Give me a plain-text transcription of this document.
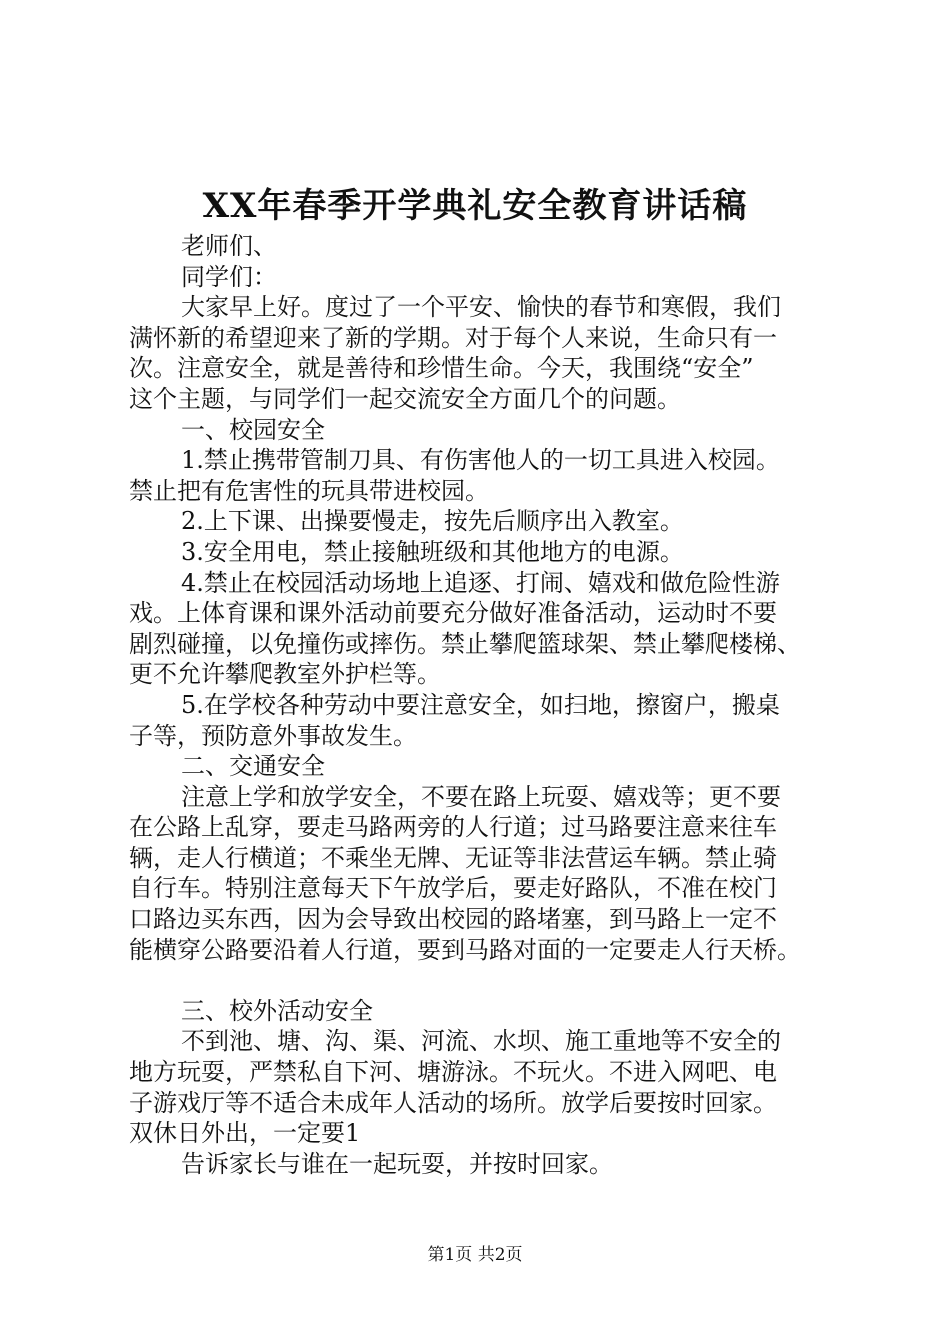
XX年春季开学典礼安全教育讲话稿
老师们、
同学们：
大家早上好。度过了一个平安、愉快的春节和寒假，我们
满怀新的希望迎来了新的学期。对于每个人来说，生命只有一
次。注意安全，就是善待和珍惜生命。今天，我围绕“安全”
这个主题，与同学们一起交流安全方面几个的问题。
一、校园安全
1.禁止携带管制刀具、有伤害他人的一切工具进入校园。
禁止把有危害性的玩具带进校园。
2.上下课、出操要慢走，按先后顺序出入教室。
3.安全用电，禁止接触班级和其他地方的电源。
4.禁止在校园活动场地上追逐、打闹、嬉戏和做危险性游
戏。上体育课和课外活动前要充分做好准备活动，运动时不要
剧烈碰撞，以免撞伤或摔伤。禁止攀爬篮球架、禁止攀爬楼梯、
更不允许攀爬教室外护栏等。
5.在学校各种劳动中要注意安全，如扫地，擦窗户，搬桌
子等，预防意外事故发生。
二、交通安全
注意上学和放学安全，不要在路上玩耍、嬉戏等；更不要
在公路上乱穿，要走马路两旁的人行道；过马路要注意来往车
辆，走人行横道；不乘坐无牌、无证等非法营运车辆。禁止骑
自行车。特别注意每天下午放学后，要走好路队，不准在校门
口路边买东西，因为会导致出校园的路堵塞，到马路上一定不
能横穿公路要沿着人行道，要到马路对面的一定要走人行天桥。
三、校外活动安全
不到池、塘、沟、渠、河流、水坝、施工重地等不安全的
地方玩耍，严禁私自下河、塘游泳。不玩火。不进入网吧、电
子游戏厅等不适合未成年人活动的场所。放学后要按时回家。
双休日外出，一定要1
告诉家长与谁在一起玩耍，并按时回家。
第1页 共2页
